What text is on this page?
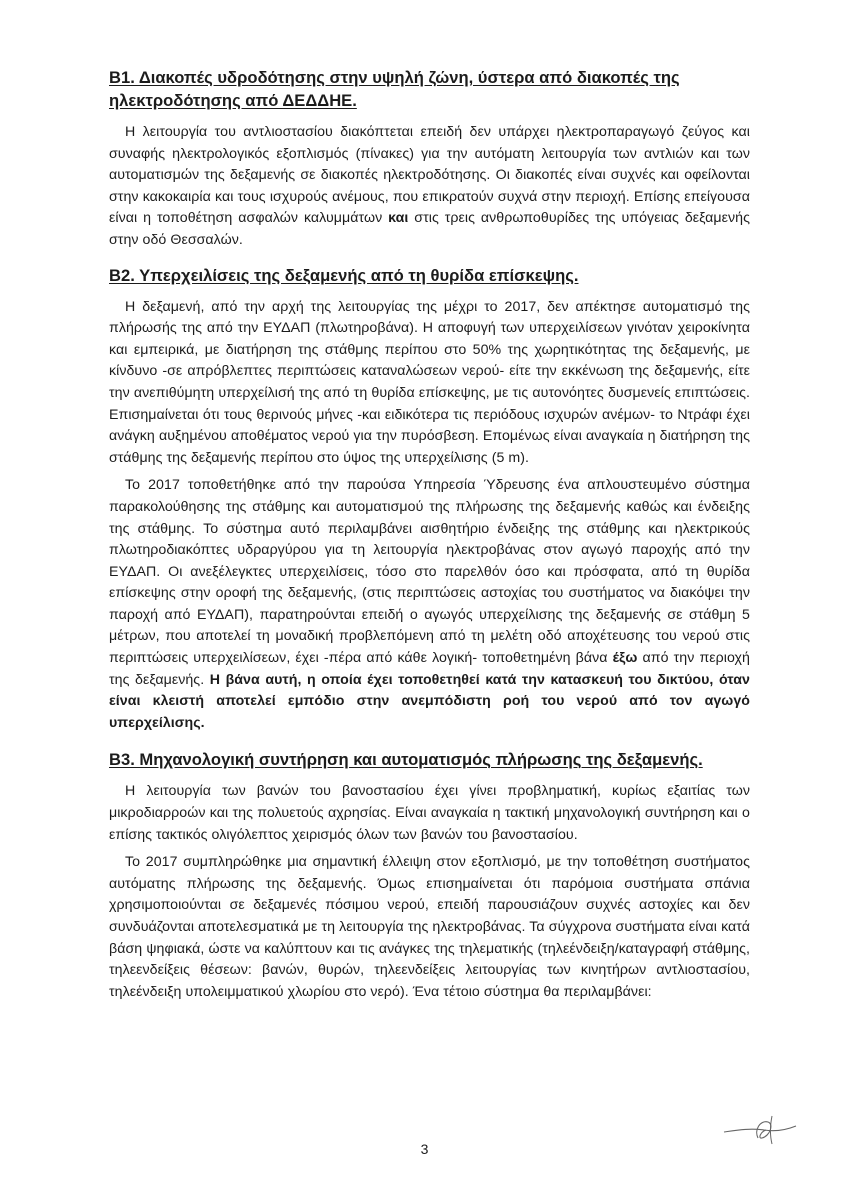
Β1. Διακοπές υδροδότησης στην υψηλή ζώνη, ύστερα από διακοπές της ηλεκτροδότησης από ΔΕΔΔΗΕ.

Η λειτουργία του αντλιοστασίου διακόπτεται επειδή δεν υπάρχει ηλεκτροπαραγωγό ζεύγος και συναφής ηλεκτρολογικός εξοπλισμός (πίνακες) για την αυτόματη λειτουργία των αντλιών και των αυτοματισμών της δεξαμενής σε διακοπές ηλεκτροδότησης. Οι διακοπές είναι συχνές και οφείλονται στην κακοκαιρία και τους ισχυρούς ανέμους, που επικρατούν συχνά στην περιοχή. Επίσης επείγουσα είναι η τοποθέτηση ασφαλών καλυμμάτων και στις τρεις ανθρωποθυρίδες της υπόγειας δεξαμενής στην οδό Θεσσαλών.

Β2. Υπερχειλίσεις της δεξαμενής από τη θυρίδα επίσκεψης.

Η δεξαμενή, από την αρχή της λειτουργίας της μέχρι το 2017, δεν απέκτησε αυτοματισμό της πλήρωσής της από την ΕΥΔΑΠ (πλωτηροβάνα). Η αποφυγή των υπερχειλίσεων γινόταν χειροκίνητα και εμπειρικά, με διατήρηση της στάθμης περίπου στο 50% της χωρητικότητας της δεξαμενής, με κίνδυνο -σε απρόβλεπτες περιπτώσεις καταναλώσεων νερού- είτε την εκκένωση της δεξαμενής, είτε την ανεπιθύμητη υπερχείλισή της από τη θυρίδα επίσκεψης, με τις αυτονόητες δυσμενείς επιπτώσεις. Επισημαίνεται ότι τους θερινούς μήνες -και ειδικότερα τις περιόδους ισχυρών ανέμων- το Ντράφι έχει ανάγκη αυξημένου αποθέματος νερού για την πυρόσβεση. Επομένως είναι αναγκαία η διατήρηση της στάθμης της δεξαμενής περίπου στο ύψος της υπερχείλισης (5 m).

Το 2017 τοποθετήθηκε από την παρούσα Υπηρεσία Ύδρευσης ένα απλουστευμένο σύστημα παρακολούθησης της στάθμης και αυτοματισμού της πλήρωσης της δεξαμενής καθώς και ένδειξης της στάθμης. Το σύστημα αυτό περιλαμβάνει αισθητήριο ένδειξης της στάθμης και ηλεκτρικούς πλωτηροδιακόπτες υδραργύρου για τη λειτουργία ηλεκτροβάνας στον αγωγό παροχής από την ΕΥΔΑΠ. Οι ανεξέλεγκτες υπερχειλίσεις, τόσο στο παρελθόν όσο και πρόσφατα, από τη θυρίδα επίσκεψης στην οροφή της δεξαμενής, (στις περιπτώσεις αστοχίας του συστήματος να διακόψει την παροχή από ΕΥΔΑΠ), παρατηρούνται επειδή ο αγωγός υπερχείλισης της δεξαμενής σε στάθμη 5 μέτρων, που αποτελεί τη μοναδική προβλεπόμενη από τη μελέτη οδό αποχέτευσης του νερού στις περιπτώσεις υπερχειλίσεων, έχει -πέρα από κάθε λογική- τοποθετημένη βάνα έξω από την περιοχή της δεξαμενής. Η βάνα αυτή, η οποία έχει τοποθετηθεί κατά την κατασκευή του δικτύου, όταν είναι κλειστή αποτελεί εμπόδιο στην ανεμπόδιστη ροή του νερού από τον αγωγό υπερχείλισης.

Β3. Μηχανολογική συντήρηση και αυτοματισμός πλήρωσης της δεξαμενής.

Η λειτουργία των βανών του βανοστασίου έχει γίνει προβληματική, κυρίως εξαιτίας των μικροδιαρροών και της πολυετούς αχρησίας. Είναι αναγκαία η τακτική μηχανολογική συντήρηση και ο επίσης τακτικός ολιγόλεπτος χειρισμός όλων των βανών του βανοστασίου.

Το 2017 συμπληρώθηκε μια σημαντική έλλειψη στον εξοπλισμό, με την τοποθέτηση συστήματος αυτόματης πλήρωσης της δεξαμενής. Όμως επισημαίνεται ότι παρόμοια συστήματα σπάνια χρησιμοποιούνται σε δεξαμενές πόσιμου νερού, επειδή παρουσιάζουν συχνές αστοχίες και δεν συνδυάζονται αποτελεσματικά με τη λειτουργία της ηλεκτροβάνας. Τα σύγχρονα συστήματα είναι κατά βάση ψηφιακά, ώστε να καλύπτουν και τις ανάγκες της τηλεματικής (τηλεένδειξη/καταγραφή στάθμης, τηλεενδείξεις θέσεων: βανών, θυρών, τηλεενδείξεις λειτουργίας των κινητήρων αντλιοστασίου, τηλεένδειξη υπολειμματικού χλωρίου στο νερό). Ένα τέτοιο σύστημα θα περιλαμβάνει:

3
